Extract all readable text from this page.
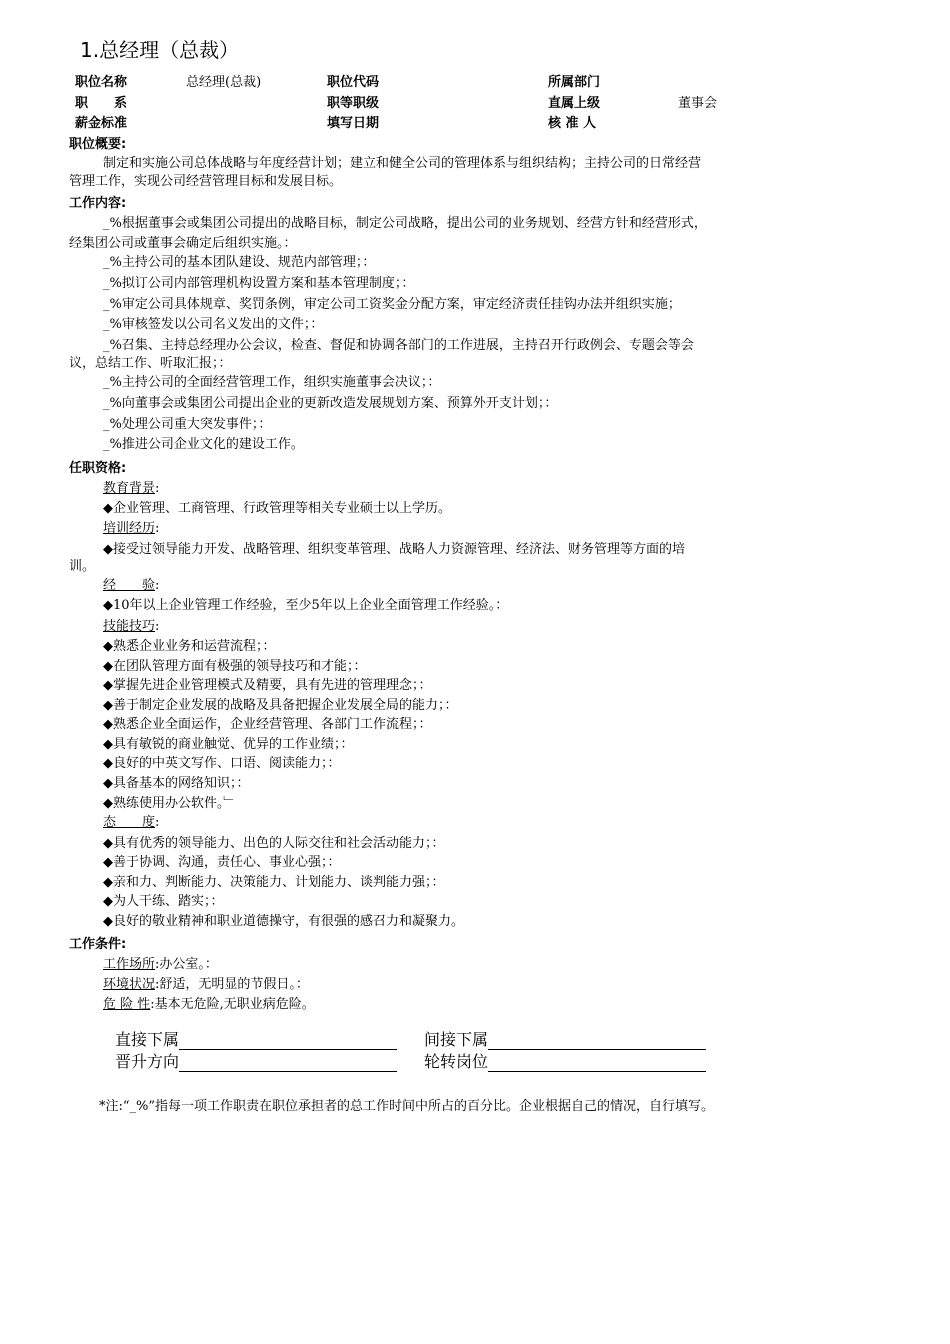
1.总经理（总裁）
职位名称	总经理(总裁)	职位代码	所属部门
职　　系	职等职级	直属上级	董事会
薪金标准	填写日期	核 准 人
职位概要:
制定和实施公司总体战略与年度经营计划；建立和健全公司的管理体系与组织结构；主持公司的日常经营
管理工作，实现公司经营管理目标和发展目标。
工作内容:
_%根据董事会或集团公司提出的战略目标，制定公司战略，提出公司的业务规划、经营方针和经营形式，
经集团公司或董事会确定后组织实施。：
_%主持公司的基本团队建设、规范内部管理；：
_%拟订公司内部管理机构设置方案和基本管理制度；：
_%审定公司具体规章、奖罚条例，审定公司工资奖金分配方案，审定经济责任挂钩办法并组织实施；
_%审核签发以公司名义发出的文件；：
_%召集、主持总经理办公会议，检查、督促和协调各部门的工作进展，主持召开行政例会、专题会等会
议，总结工作、听取汇报；：
_%主持公司的全面经营管理工作，组织实施董事会决议；：
_%向董事会或集团公司提出企业的更新改造发展规划方案、预算外开支计划；：
_%处理公司重大突发事件；：
_%推进公司企业文化的建设工作。
任职资格:
教育背景:
◆企业管理、工商管理、行政管理等相关专业硕士以上学历。
培训经历:
◆接受过领导能力开发、战略管理、组织变革管理、战略人力资源管理、经济法、财务管理等方面的培
训。
经　　验:
◆10年以上企业管理工作经验，至少5年以上企业全面管理工作经验。：
技能技巧:
◆熟悉企业业务和运营流程；：
◆在团队管理方面有极强的领导技巧和才能；：
◆掌握先进企业管理模式及精要，具有先进的管理理念；：
◆善于制定企业发展的战略及具备把握企业发展全局的能力；：
◆熟悉企业全面运作，企业经营管理、各部门工作流程；：
◆具有敏锐的商业触觉、优异的工作业绩；：
◆良好的中英文写作、口语、阅读能力；：
◆具备基本的网络知识；：
◆熟练使用办公软件。﹂
态　　度:
◆具有优秀的领导能力、出色的人际交往和社会活动能力；：
◆善于协调、沟通，责任心、事业心强；：
◆亲和力、判断能力、决策能力、计划能力、谈判能力强；：
◆为人干练、踏实；：
◆良好的敬业精神和职业道德操守，有很强的感召力和凝聚力。
工作条件:
工作场所:办公室。：
环境状况:舒适，无明显的节假日。：
危 险 性:基本无危险,无职业病危险。
直接下属	间接下属
晋升方向	轮转岗位
*注:“_%”指每一项工作职责在职位承担者的总工作时间中所占的百分比。企业根据自己的情况，自行填写。
